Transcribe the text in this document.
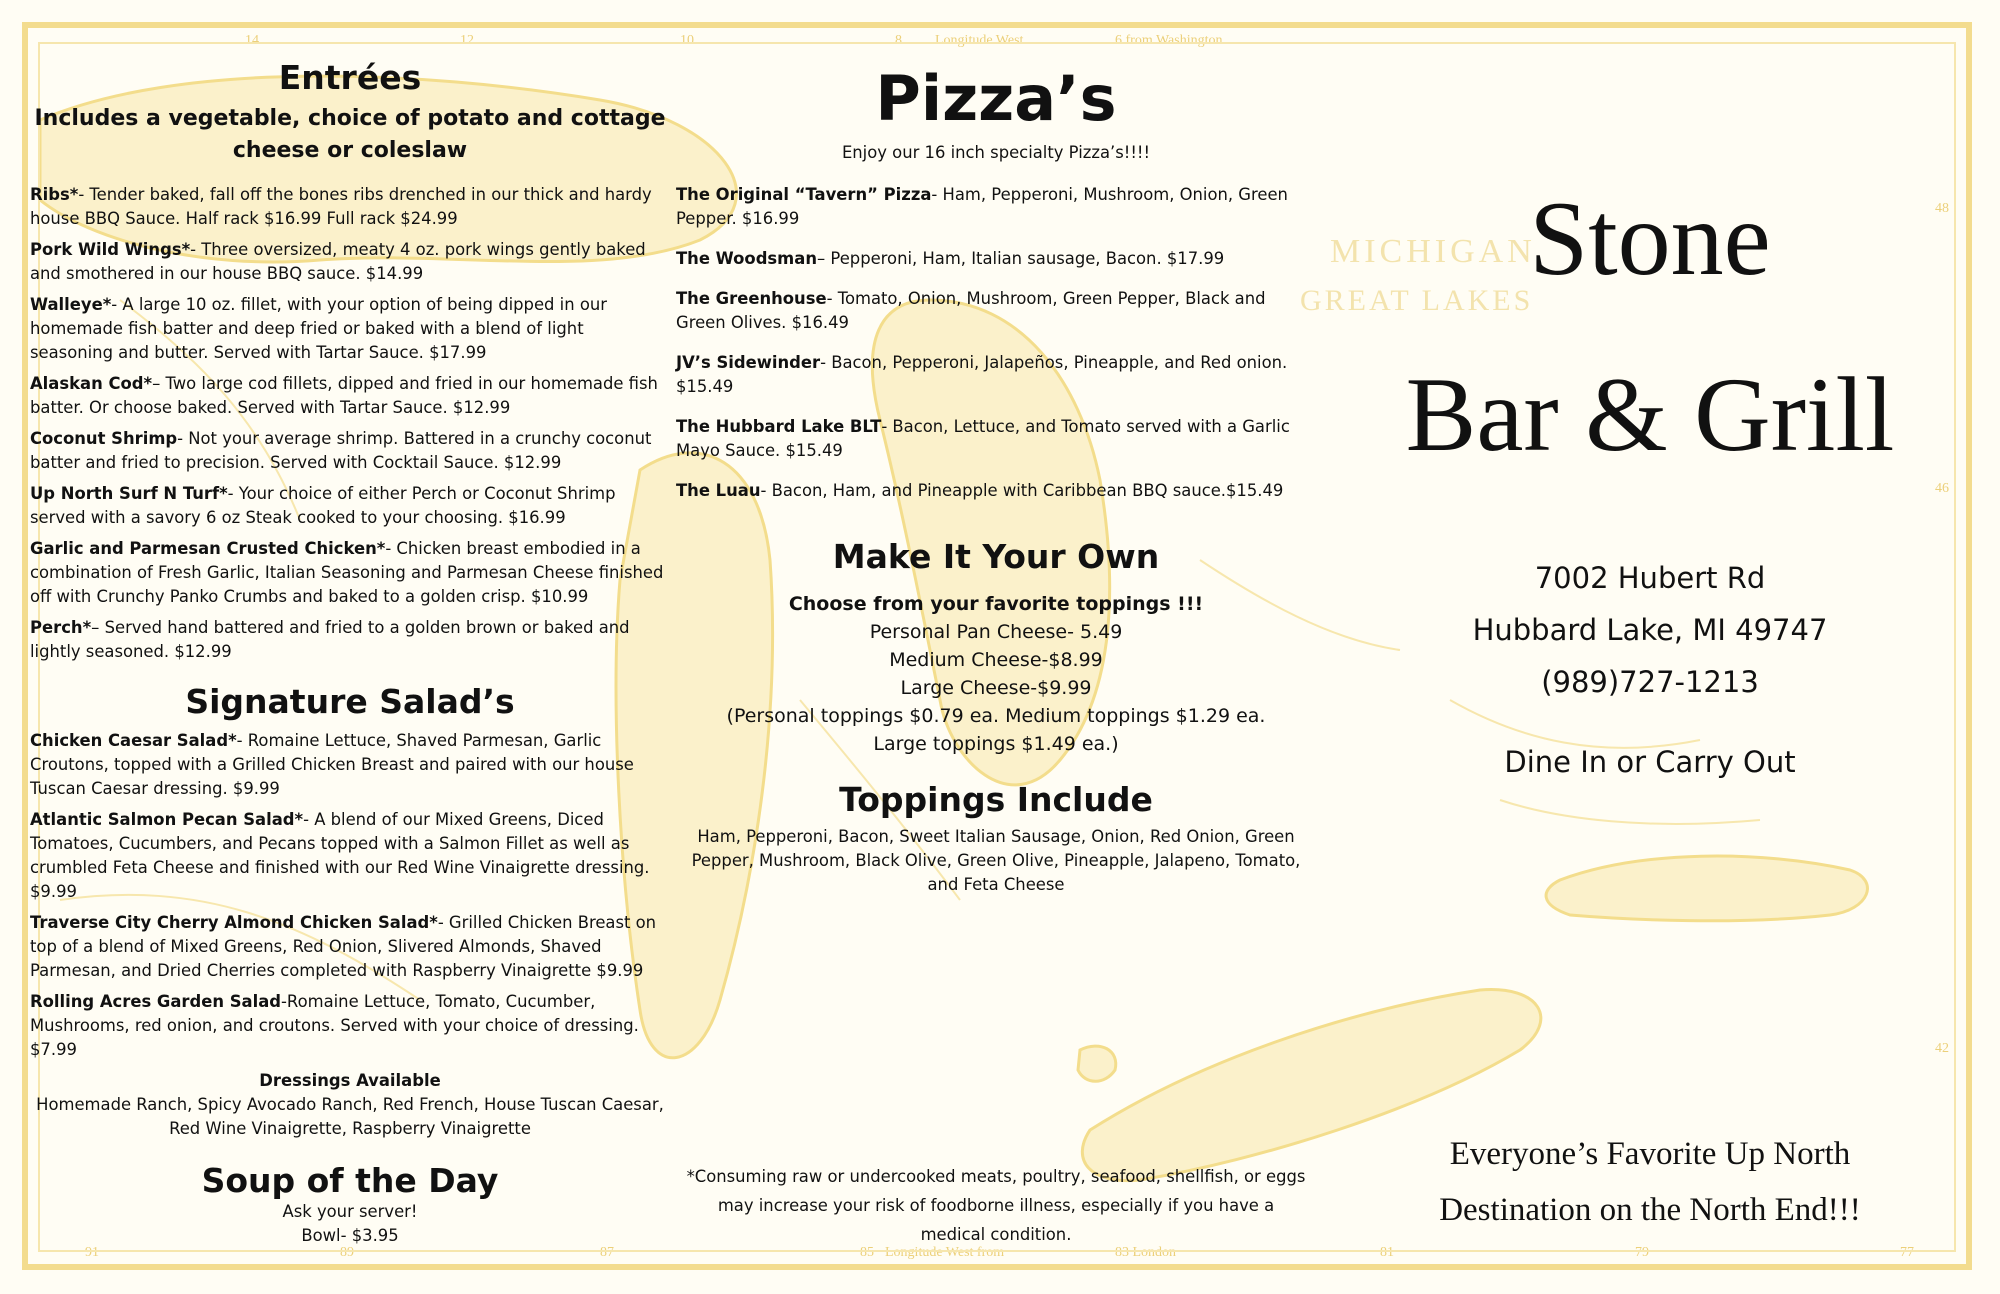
14	12	10	8 Longitude West	6 from Washington
91	89	87	85 Longitude West from	83 London	81	79	77
48
46
42
MICHIGAN
GREAT LAKES
Entrées
Includes a vegetable, choice of potato and cottage cheese or coleslaw
Ribs*- Tender baked, fall off the bones ribs drenched in our thick and hardy house BBQ Sauce. Half rack $16.99 Full rack $24.99
Pork Wild Wings*- Three oversized, meaty 4 oz. pork wings gently baked and smothered in our house BBQ sauce. $14.99
Walleye*- A large 10 oz. fillet, with your option of being dipped in our homemade fish batter and deep fried or baked with a blend of light seasoning and butter. Served with Tartar Sauce. $17.99
Alaskan Cod*– Two large cod fillets, dipped and fried in our homemade fish batter. Or choose baked. Served with Tartar Sauce. $12.99
Coconut Shrimp- Not your average shrimp. Battered in a crunchy coconut batter and fried to precision. Served with Cocktail Sauce. $12.99
Up North Surf N Turf*- Your choice of either Perch or Coconut Shrimp served with a savory 6 oz Steak cooked to your choosing. $16.99
Garlic and Parmesan Crusted Chicken*- Chicken breast embodied in a combination of Fresh Garlic, Italian Seasoning and Parmesan Cheese finished off with Crunchy Panko Crumbs and baked to a golden crisp. $10.99
Perch*– Served hand battered and fried to a golden brown or baked and lightly seasoned. $12.99
Signature Salad’s
Chicken Caesar Salad*- Romaine Lettuce, Shaved Parmesan, Garlic Croutons, topped with a Grilled Chicken Breast and paired with our house Tuscan Caesar dressing. $9.99
Atlantic Salmon Pecan Salad*- A blend of our Mixed Greens, Diced Tomatoes, Cucumbers, and Pecans topped with a Salmon Fillet as well as crumbled Feta Cheese and finished with our Red Wine Vinaigrette dressing. $9.99
Traverse City Cherry Almond Chicken Salad*- Grilled Chicken Breast on top of a blend of Mixed Greens, Red Onion, Slivered Almonds, Shaved Parmesan, and Dried Cherries completed with Raspberry Vinaigrette $9.99
Rolling Acres Garden Salad-Romaine Lettuce, Tomato, Cucumber, Mushrooms, red onion, and croutons. Served with your choice of dressing. $7.99
Dressings Available
Homemade Ranch, Spicy Avocado Ranch, Red French, House Tuscan Caesar, Red Wine Vinaigrette, Raspberry Vinaigrette
Soup of the Day
Ask your server!
Bowl- $3.95
Pizza’s
Enjoy our 16 inch specialty Pizza’s!!!!
The Original “Tavern” Pizza- Ham, Pepperoni, Mushroom, Onion, Green Pepper. $16.99
The Woodsman– Pepperoni, Ham, Italian sausage, Bacon. $17.99
The Greenhouse- Tomato, Onion, Mushroom, Green Pepper, Black and Green Olives. $16.49
JV’s Sidewinder- Bacon, Pepperoni, Jalapeños, Pineapple, and Red onion. $15.49
The Hubbard Lake BLT- Bacon, Lettuce, and Tomato served with a Garlic Mayo Sauce. $15.49
The Luau- Bacon, Ham, and Pineapple with Caribbean BBQ sauce.$15.49
Make It Your Own
Choose from your favorite toppings !!!
Personal Pan Cheese- 5.49
Medium Cheese-$8.99
Large Cheese-$9.99
(Personal toppings $0.79 ea. Medium toppings $1.29 ea.
Large toppings $1.49 ea.)
Toppings Include
Ham, Pepperoni, Bacon, Sweet Italian Sausage, Onion, Red Onion, Green Pepper, Mushroom, Black Olive, Green Olive, Pineapple, Jalapeno, Tomato, and Feta Cheese
*Consuming raw or undercooked meats, poultry, seafood, shellfish, or eggs may increase your risk of foodborne illness, especially if you have a medical condition.
Stone
Bar & Grill
7002 Hubert Rd
Hubbard Lake, MI 49747
(989)727-1213
Dine In or Carry Out
Everyone’s Favorite Up North
Destination on the North End!!!
